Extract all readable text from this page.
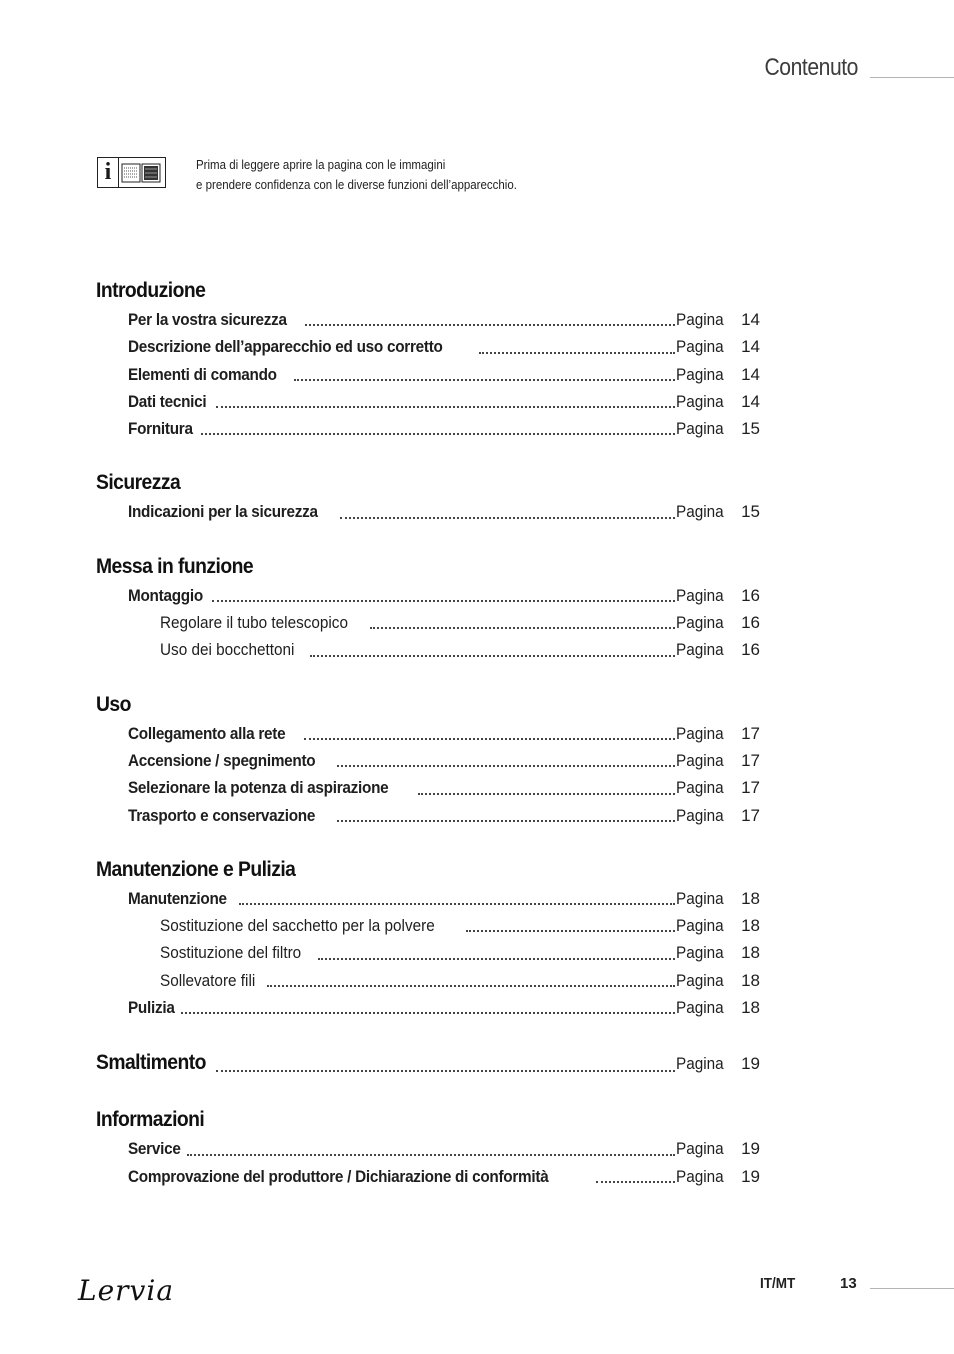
Contenuto
i	Prima di leggere aprire la pagina con le immagini
e prendere confidenza con le diverse funzioni dell’apparecchio.
Introduzione
Per la vostra sicurezza	Pagina	14
Descrizione dell’apparecchio ed uso corretto	Pagina	14
Elementi di comando	Pagina	14
Dati tecnici	Pagina	14
Fornitura	Pagina	15
Sicurezza
Indicazioni per la sicurezza	Pagina	15
Messa in funzione
Montaggio	Pagina	16
Regolare il tubo telescopico	Pagina	16
Uso dei bocchettoni	Pagina	16
Uso
Collegamento alla rete	Pagina	17
Accensione / spegnimento	Pagina	17
Selezionare la potenza di aspirazione	Pagina	17
Trasporto e conservazione	Pagina	17
Manutenzione e Pulizia
Manutenzione	Pagina	18
Sostituzione del sacchetto per la polvere	Pagina	18
Sostituzione del filtro	Pagina	18
Sollevatore fili	Pagina	18
Pulizia	Pagina	18
Smaltimento	Pagina	19
Informazioni
Service	Pagina	19
Comprovazione del produttore / Dichiarazione di conformità	Pagina	19
Lervia	IT/MT	13
